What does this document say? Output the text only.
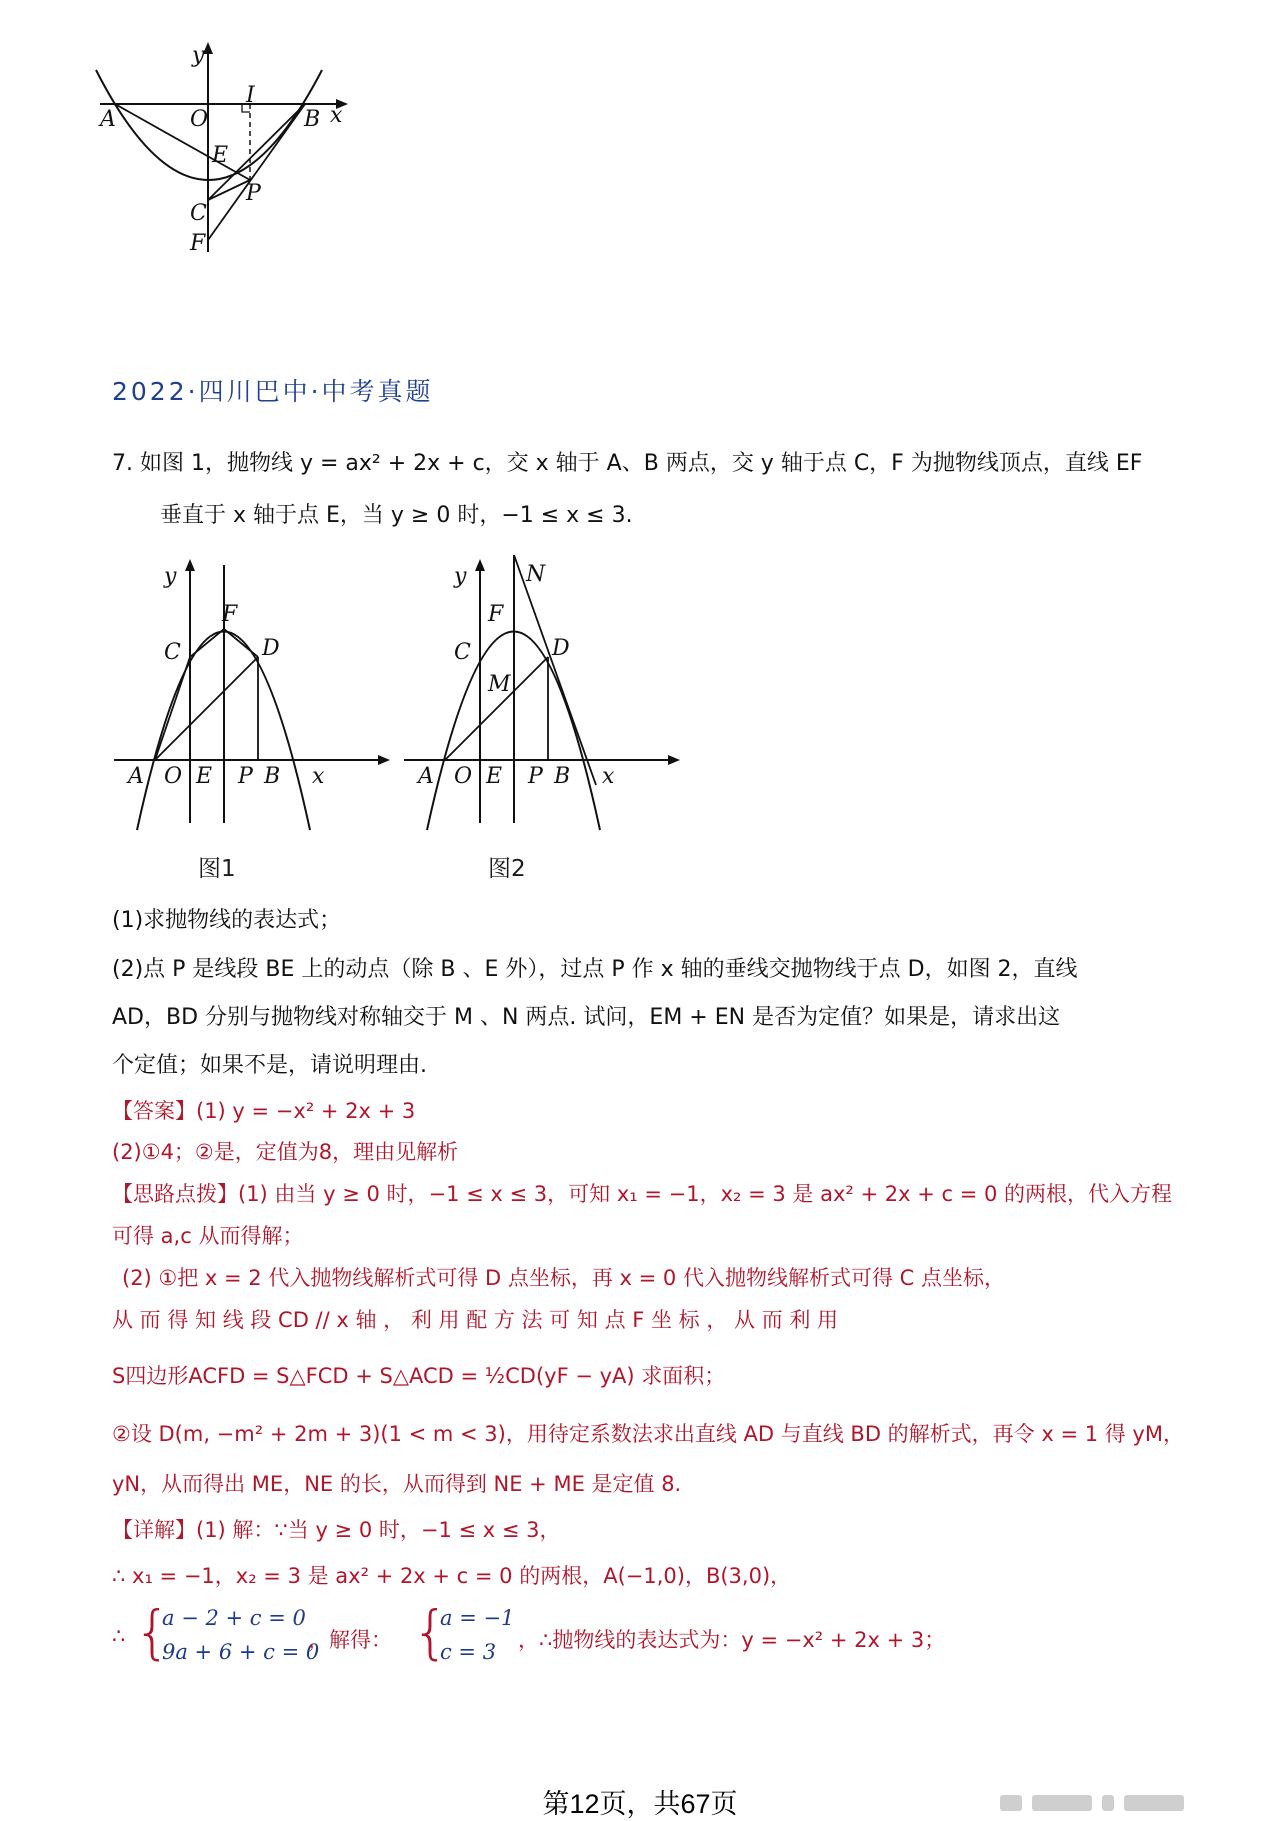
y
x
A	O
I
B
E
C
P
F
2022·四川巴中·中考真题
7. 如图 1，抛物线 y = ax² + 2x + c，交 x 轴于 A、B 两点，交 y 轴于点 C，F 为抛物线顶点，直线 EF
垂直于 x 轴于点 E，当 y ≥ 0 时，−1 ≤ x ≤ 3.
y
F
C	D
A O E P B x
图1
y	N
F
C	D
M
A O E P B x
图2
(1)求抛物线的表达式；
(2)点 P 是线段 BE 上的动点（除 B 、E 外），过点 P 作 x 轴的垂线交抛物线于点 D，如图 2，直线
AD，BD 分别与抛物线对称轴交于 M 、N 两点. 试问，EM + EN 是否为定值？如果是，请求出这
个定值；如果不是，请说明理由.
【答案】(1) y = −x² + 2x + 3
(2)①4；②是，定值为8，理由见解析
【思路点拨】(1) 由当 y ≥ 0 时，−1 ≤ x ≤ 3，可知 x₁ = −1，x₂ = 3 是 ax² + 2x + c = 0 的两根，代入方程
可得 a,c 从而得解；
(2) ①把 x = 2 代入抛物线解析式可得 D 点坐标，再 x = 0 代入抛物线解析式可得 C 点坐标，
从 而 得 知 线 段 CD // x 轴 ， 利 用 配 方 法 可 知 点 F 坐 标 ， 从 而 利 用
S四边形ACFD = S△FCD + S△ACD = ½CD(yF − yA) 求面积；
②设 D(m, −m² + 2m + 3)(1 < m < 3)，用待定系数法求出直线 AD 与直线 BD 的解析式，再令 x = 1 得 yM，
yN，从而得出 ME，NE 的长，从而得到 NE + ME 是定值 8.
【详解】(1) 解：∵当 y ≥ 0 时，−1 ≤ x ≤ 3，
∴ x₁ = −1，x₂ = 3 是 ax² + 2x + c = 0 的两根，A(−1,0)，B(3,0)，
∴ {
a − 2 + c = 0
9a + 6 + c = 0
，解得： {
a = −1
c = 3 ，∴抛物线的表达式为：y = −x² + 2x + 3；
第12页，共67页
